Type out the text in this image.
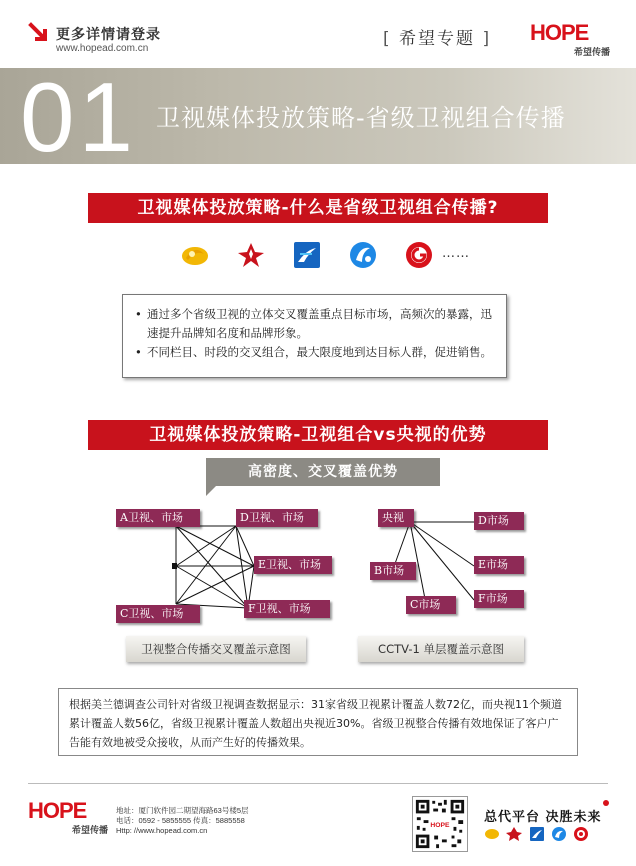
更多详情请登录
www.hopead.com.cn	[ 希望专题 ] HOPE
希望传播
01 卫视媒体投放策略-省级卫视组合传播
卫视媒体投放策略-什么是省级卫视组合传播?
……
• 通过多个省级卫视的立体交叉覆盖重点目标市场，高频次的暴露，迅速提升品牌知名度和品牌形象。
• 不同栏目、时段的交叉组合，最大限度地到达目标人群，促进销售。
卫视媒体投放策略-卫视组合vs央视的优势
高密度、交叉覆盖优势
A卫视、市场	D卫视、市场
E卫视、市场
F卫视、市场
C卫视、市场
央视	D市场
E市场
B市场
F市场
C市场
卫视整合传播交叉覆盖示意图	CCTV-1 单层覆盖示意图
根据美兰德调查公司针对省级卫视调查数据显示：31家省级卫视累计覆盖人数72亿，而央视11个频道累计覆盖人数56亿，省级卫视累计覆盖人数超出央视近30%。省级卫视整合传播有效地保证了客户广告能有效地被受众接收，从而产生好的传播效果。
HOPE
希望传播
地址：厦门软件园二期望海路63号楼5层
电话：0592 - 5855555 传真：5885558
Http: //www.hopead.com.cn
HOPE
总代平台 决胜未来
